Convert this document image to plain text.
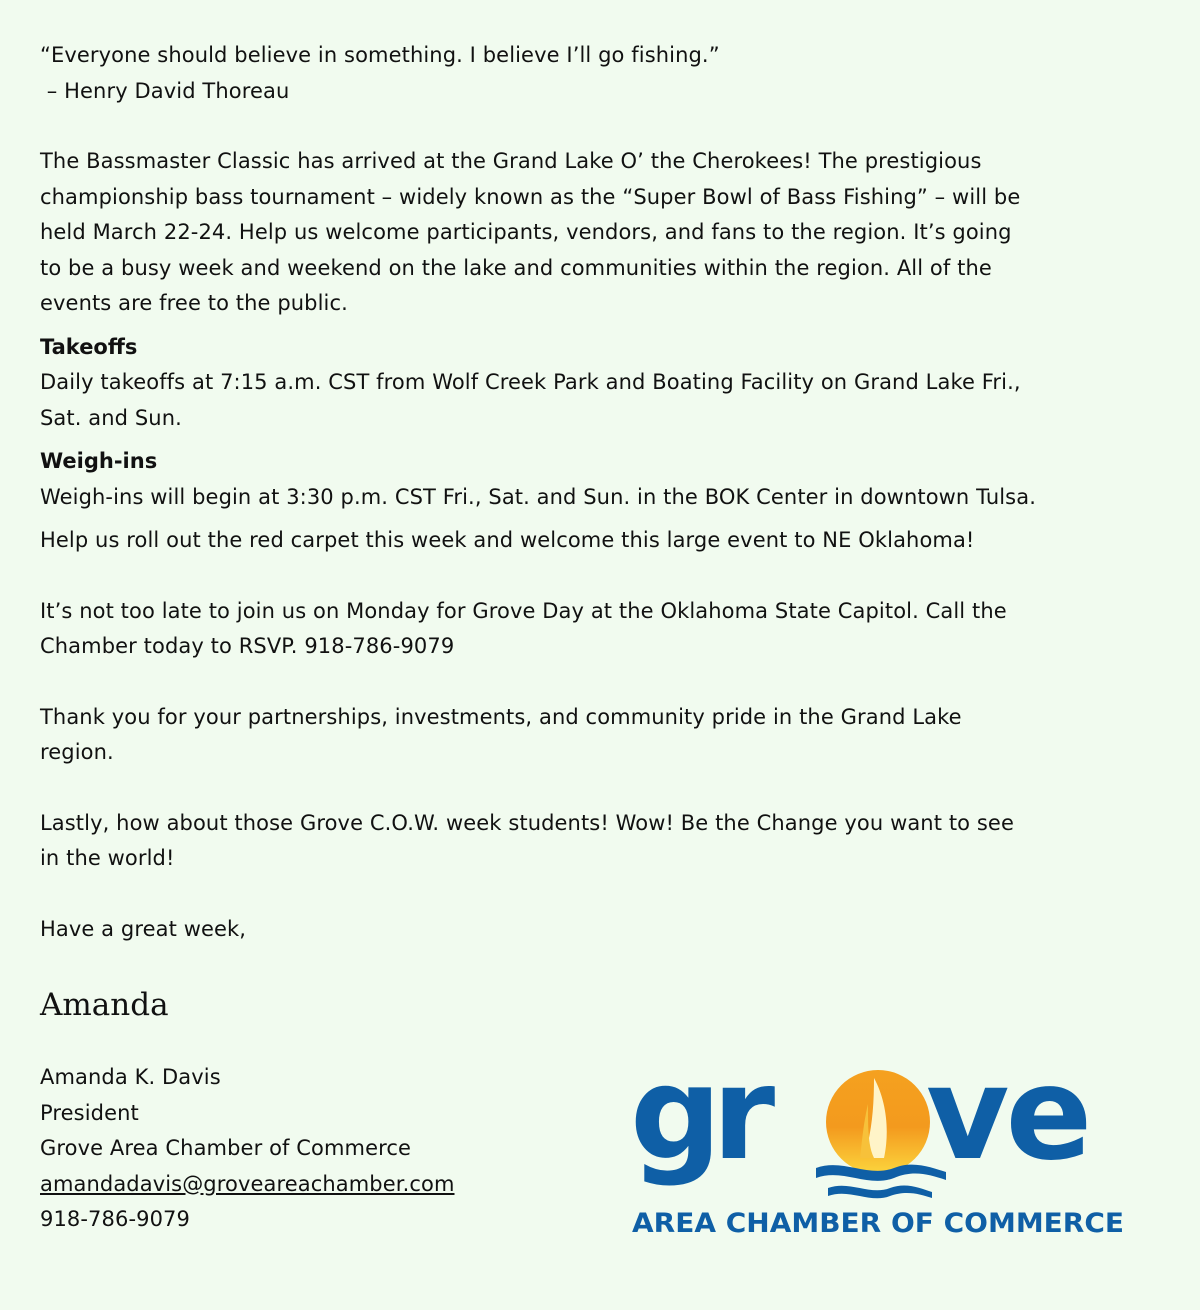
“Everyone should believe in something. I believe I’ll go fishing.”

– Henry David Thoreau

The Bassmaster Classic has arrived at the Grand Lake O’ the Cherokees! The prestigious

championship bass tournament – widely known as the “Super Bowl of Bass Fishing” – will be

held March 22-24. Help us welcome participants, vendors, and fans to the region. It’s going

to be a busy week and weekend on the lake and communities within the region. All of the

events are free to the public.

Takeoffs

Daily takeoffs at 7:15 a.m. CST from Wolf Creek Park and Boating Facility on Grand Lake Fri.,

Sat. and Sun.

Weigh-ins

Weigh-ins will begin at 3:30 p.m. CST Fri., Sat. and Sun. in the BOK Center in downtown Tulsa.

Help us roll out the red carpet this week and welcome this large event to NE Oklahoma!

It’s not too late to join us on Monday for Grove Day at the Oklahoma State Capitol. Call the

Chamber today to RSVP. 918-786-9079

Thank you for your partnerships, investments, and community pride in the Grand Lake

region.

Lastly, how about those Grove C.O.W. week students! Wow! Be the Change you want to see

in the world!

Have a great week,

Amanda

Amanda K. Davis

President

Grove Area Chamber of Commerce

amandadavis@groveareachamber.com

918-786-9079

g
r ve
AREA CHAMBER OF COMMERCE
